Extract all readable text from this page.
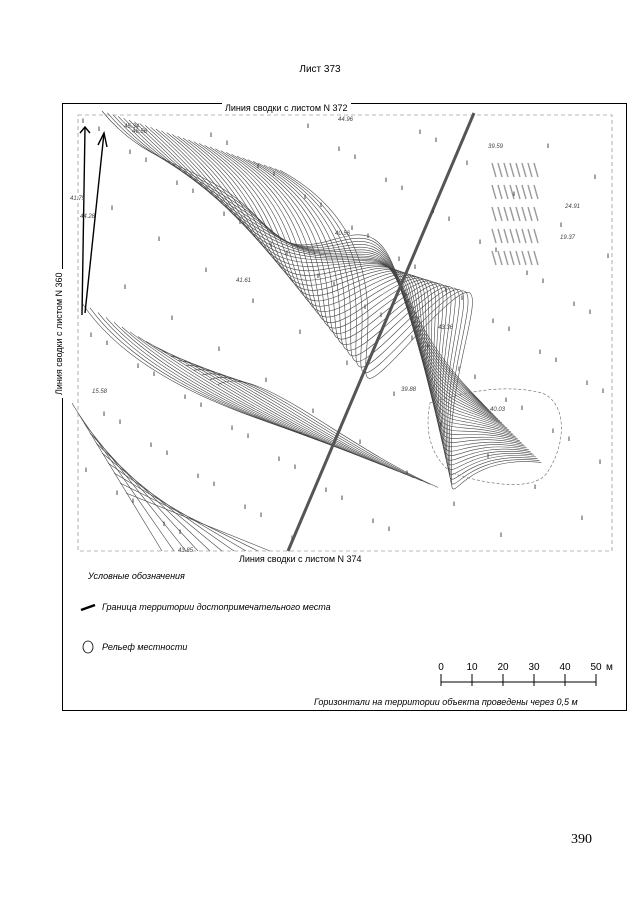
Лист 373
45.34
44.96
39.59
40.56
41.61
43.36
39.88
40.03
24.91
19.37
15.58
43.85
44.28
41.75
46.56
‖
‖
‖
‖
‖
‖
‖
‖
‖
‖
‖
‖
‖
‖
‖
‖
‖
‖
‖
‖
‖
‖
‖
‖
‖
‖
‖
‖
‖
‖
‖
‖
‖
‖
‖
‖
‖
‖
‖
‖
‖
‖
‖
‖
‖
‖
‖
‖
‖
‖
‖
‖
‖
‖
‖
‖
‖
‖
‖
‖
‖
‖
‖
‖
‖
‖
‖
‖
‖
‖
‖
‖
‖
‖
‖
‖
‖
‖
‖
‖
‖
‖
‖
‖
‖
‖
‖
‖
‖
‖
‖
‖
‖
‖
‖
‖
‖
‖
‖
‖
‖
‖
‖
‖
‖
‖
‖
‖
‖
‖
Линия сводки с листом N 372
Линия сводки с листом N 374
Линия сводки с листом N 360
Условные обозначения
Граница территории достопримечательного места
Рельеф местности
0 10 20 30 40 50 м
Горизонтали на территории объекта проведены через 0,5 м
390
